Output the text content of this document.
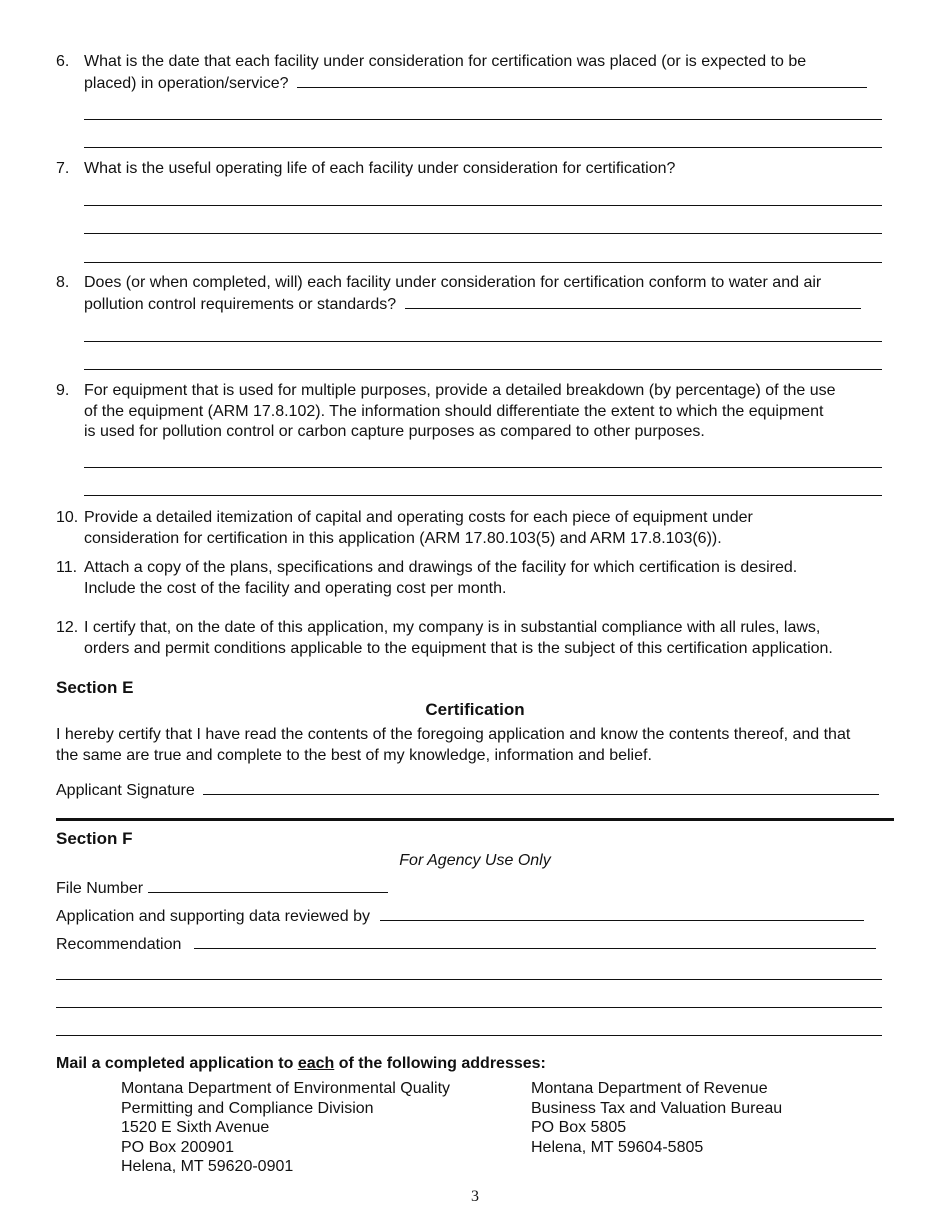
6. What is the date that each facility under consideration for certification was placed (or is expected to be
placed) in operation/service?
7. What is the useful operating life of each facility under consideration for certification?
8. Does (or when completed, will) each facility under consideration for certification conform to water and air
pollution control requirements or standards?
9. For equipment that is used for multiple purposes, provide a detailed breakdown (by percentage) of the use
of the equipment (ARM 17.8.102). The information should differentiate the extent to which the equipment
is used for pollution control or carbon capture purposes as compared to other purposes.
10. Provide a detailed itemization of capital and operating costs for each piece of equipment under
consideration for certification in this application (ARM 17.80.103(5) and ARM 17.8.103(6)).
11. Attach a copy of the plans, specifications and drawings of the facility for which certification is desired.
Include the cost of the facility and operating cost per month.
12. I certify that, on the date of this application, my company is in substantial compliance with all rules, laws,
orders and permit conditions applicable to the equipment that is the subject of this certification application.
Section E
Certification
I hereby certify that I have read the contents of the foregoing application and know the contents thereof, and that
the same are true and complete to the best of my knowledge, information and belief.
Applicant Signature
Section F
For Agency Use Only
File Number
Application and supporting data reviewed by
Recommendation
Mail a completed application to each of the following addresses:
Montana Department of Environmental Quality
Permitting and Compliance Division
1520 E Sixth Avenue
PO Box 200901
Helena, MT 59620-0901
Montana Department of Revenue
Business Tax and Valuation Bureau
PO Box 5805
Helena, MT 59604-5805
3
